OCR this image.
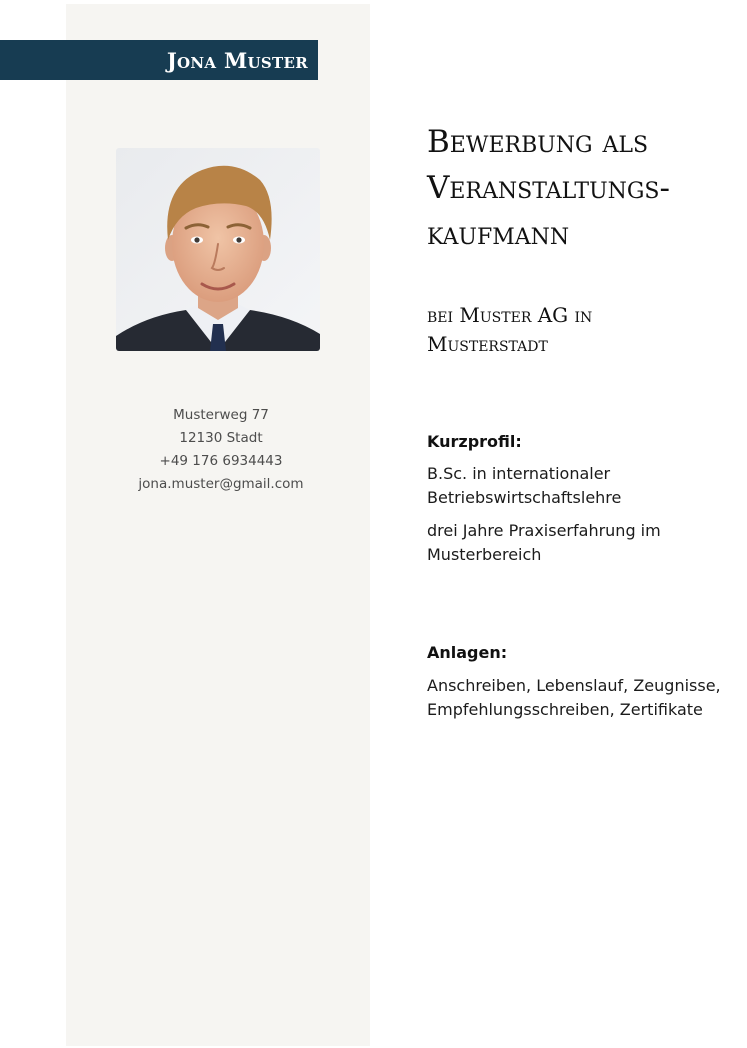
Jona Muster
Musterweg 77
12130 Stadt
+49 176 6934443
jona.muster@gmail.com
Bewerbung als
Veranstaltungs-
kaufmann
bei Muster AG in
Musterstadt
Kurzprofil:
B.Sc. in internationaler
Betriebswirtschaftslehre
drei Jahre Praxiserfahrung im
Musterbereich
Anlagen:
Anschreiben, Lebenslauf, Zeugnisse,
Empfehlungsschreiben, Zertifikate
